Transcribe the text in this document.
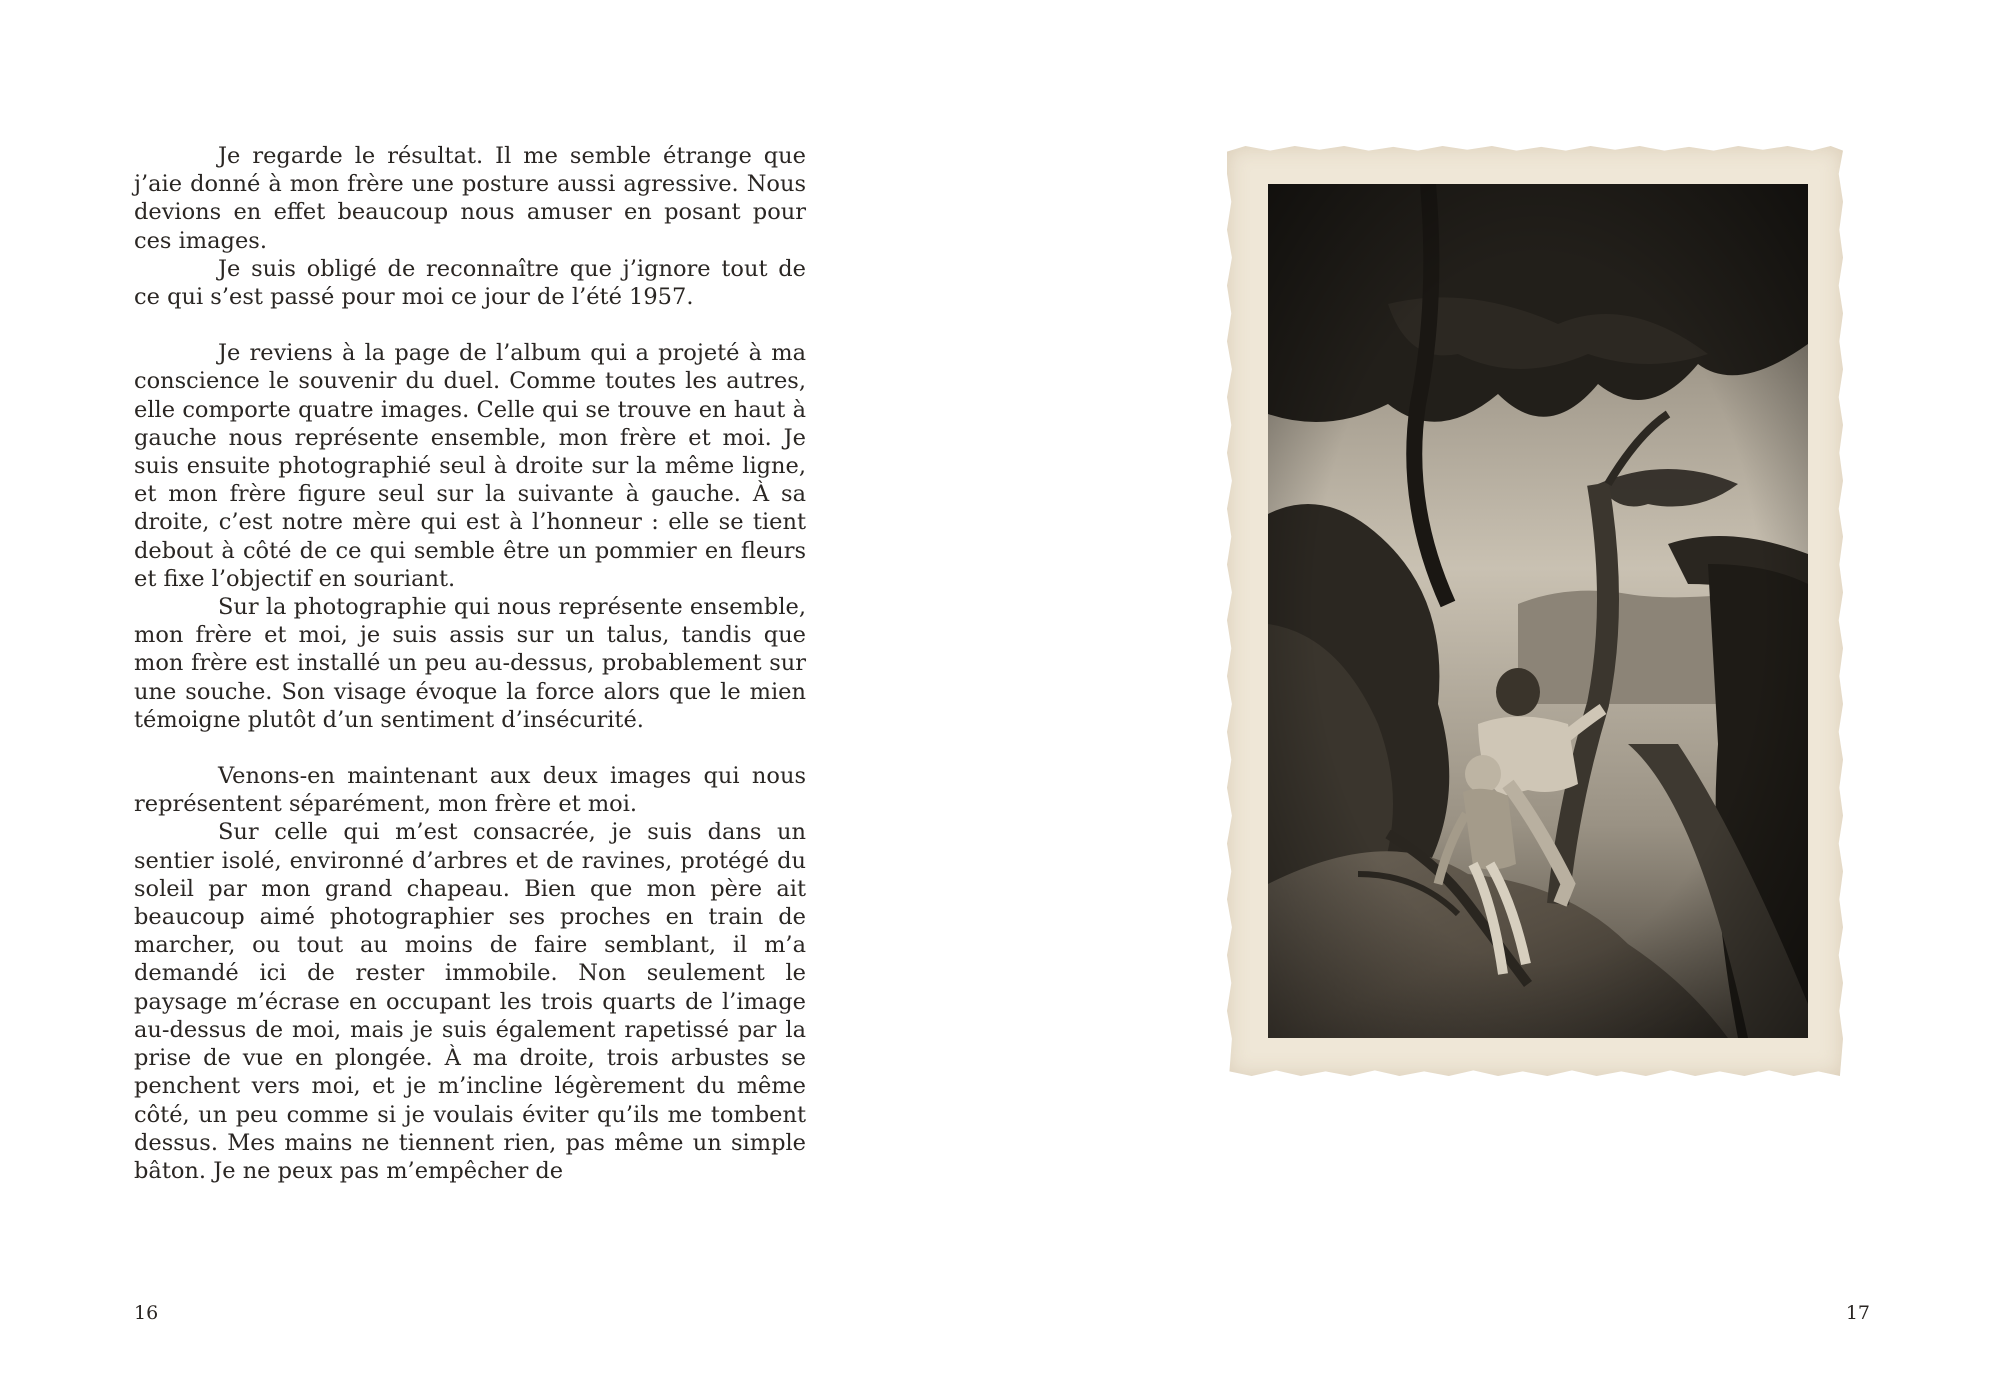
Je regarde le résultat. Il me semble étrange que j’aie donné à mon frère une posture aussi agressive. Nous devions en effet beaucoup nous amuser en posant pour ces images.

Je suis obligé de reconnaître que j’ignore tout de ce qui s’est passé pour moi ce jour de l’été 1957.

Je reviens à la page de l’album qui a projeté à ma conscience le souvenir du duel. Comme toutes les autres, elle comporte quatre images. Celle qui se trouve en haut à gauche nous représente ensemble, mon frère et moi. Je suis ensuite photographié seul à droite sur la même ligne, et mon frère figure seul sur la suivante à gauche. À sa droite, c’est notre mère qui est à l’honneur : elle se tient debout à côté de ce qui semble être un pommier en fleurs et fixe l’objectif en souriant.

Sur la photographie qui nous représente ensemble, mon frère et moi, je suis assis sur un talus, tandis que mon frère est installé un peu au-dessus, probablement sur une souche. Son visage évoque la force alors que le mien témoigne plutôt d’un sentiment d’insécurité.

Venons-en maintenant aux deux images qui nous représentent séparément, mon frère et moi.

Sur celle qui m’est consacrée, je suis dans un sentier isolé, environné d’arbres et de ravines, protégé du soleil par mon grand chapeau. Bien que mon père ait beaucoup aimé photographier ses proches en train de marcher, ou tout au moins de faire semblant, il m’a demandé ici de rester immobile. Non seulement le paysage m’écrase en occupant les trois quarts de l’image au-dessus de moi, mais je suis également rapetissé par la prise de vue en plongée. À ma droite, trois arbustes se penchent vers moi, et je m’incline légèrement du même côté, un peu comme si je voulais éviter qu’ils me tombent dessus. Mes mains ne tiennent rien, pas même un simple bâton. Je ne peux pas m’empêcher de

16	17
